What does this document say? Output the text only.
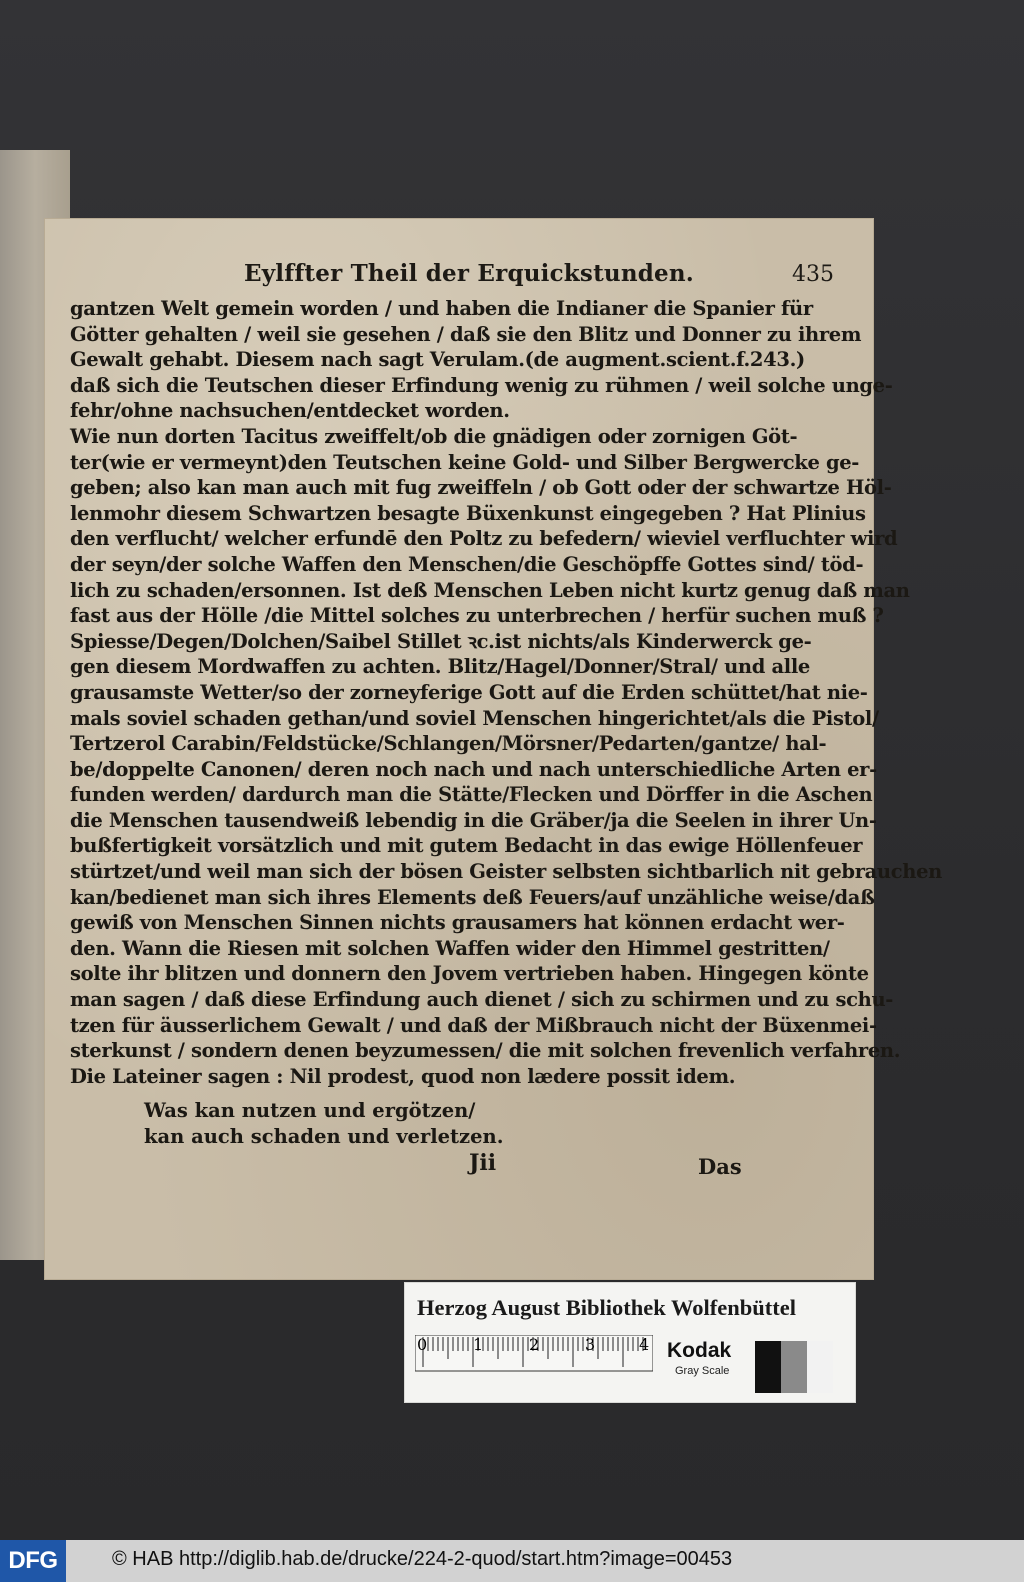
Eylffter Theil der Erquickstunden.	435
gantzen Welt gemein worden / und haben die Indianer die Spanier für
Götter gehalten / weil sie gesehen / daß sie den Blitz und Donner zu ihrem
Gewalt gehabt. Diesem nach sagt Verulam.(de augment.scient.f.243.)
daß sich die Teutschen dieser Erfindung wenig zu rühmen / weil solche unge-
fehr/ohne nachsuchen/entdecket worden.
Wie nun dorten Tacitus zweiffelt/ob die gnädigen oder zornigen Göt-
ter(wie er vermeynt)den Teutschen keine Gold- und Silber Bergwercke ge-
geben; also kan man auch mit fug zweiffeln / ob Gott oder der schwartze Höl-
lenmohr diesem Schwartzen besagte Büxenkunst eingegeben ? Hat Plinius
den verflucht/ welcher erfundē den Poltz zu befedern/ wieviel verfluchter wird
der seyn/der solche Waffen den Menschen/die Geschöpffe Gottes sind/ töd-
lich zu schaden/ersonnen. Ist deß Menschen Leben nicht kurtz genug daß man
fast aus der Hölle /die Mittel solches zu unterbrechen / herfür suchen muß ?
Spiesse/Degen/Dolchen/Saibel Stillet ꝛc.ist nichts/als Kinderwerck ge-
gen diesem Mordwaffen zu achten. Blitz/Hagel/Donner/Stral/ und alle
grausamste Wetter/so der zorneyferige Gott auf die Erden schüttet/hat nie-
mals soviel schaden gethan/und soviel Menschen hingerichtet/als die Pistol/
Tertzerol Carabin/Feldstücke/Schlangen/Mörsner/Pedarten/gantze/ hal-
be/doppelte Canonen/ deren noch nach und nach unterschiedliche Arten er-
funden werden/ dardurch man die Stätte/Flecken und Dörffer in die Aschen
die Menschen tausendweiß lebendig in die Gräber/ja die Seelen in ihrer Un-
bußfertigkeit vorsätzlich und mit gutem Bedacht in das ewige Höllenfeuer
stürtzet/und weil man sich der bösen Geister selbsten sichtbarlich nit gebrauchen
kan/bedienet man sich ihres Elements deß Feuers/auf unzähliche weise/daß
gewiß von Menschen Sinnen nichts grausamers hat können erdacht wer-
den. Wann die Riesen mit solchen Waffen wider den Himmel gestritten/
solte ihr blitzen und donnern den Jovem vertrieben haben. Hingegen könte
man sagen / daß diese Erfindung auch dienet / sich zu schirmen und zu schu-
tzen für äusserlichem Gewalt / und daß der Mißbrauch nicht der Büxenmei-
sterkunst / sondern denen beyzumessen/ die mit solchen frevenlich verfahren.
Die Lateiner sagen : Nil prodest, quod non lædere possit idem.
Was kan nutzen und ergötzen/
kan auch schaden und verletzen.
Jii	Das
Herzog August Bibliothek Wolfenbüttel
0	1	2	3	4 Kodak
Gray Scale
DFG	© HAB http://diglib.hab.de/drucke/224-2-quod/start.htm?image=00453
